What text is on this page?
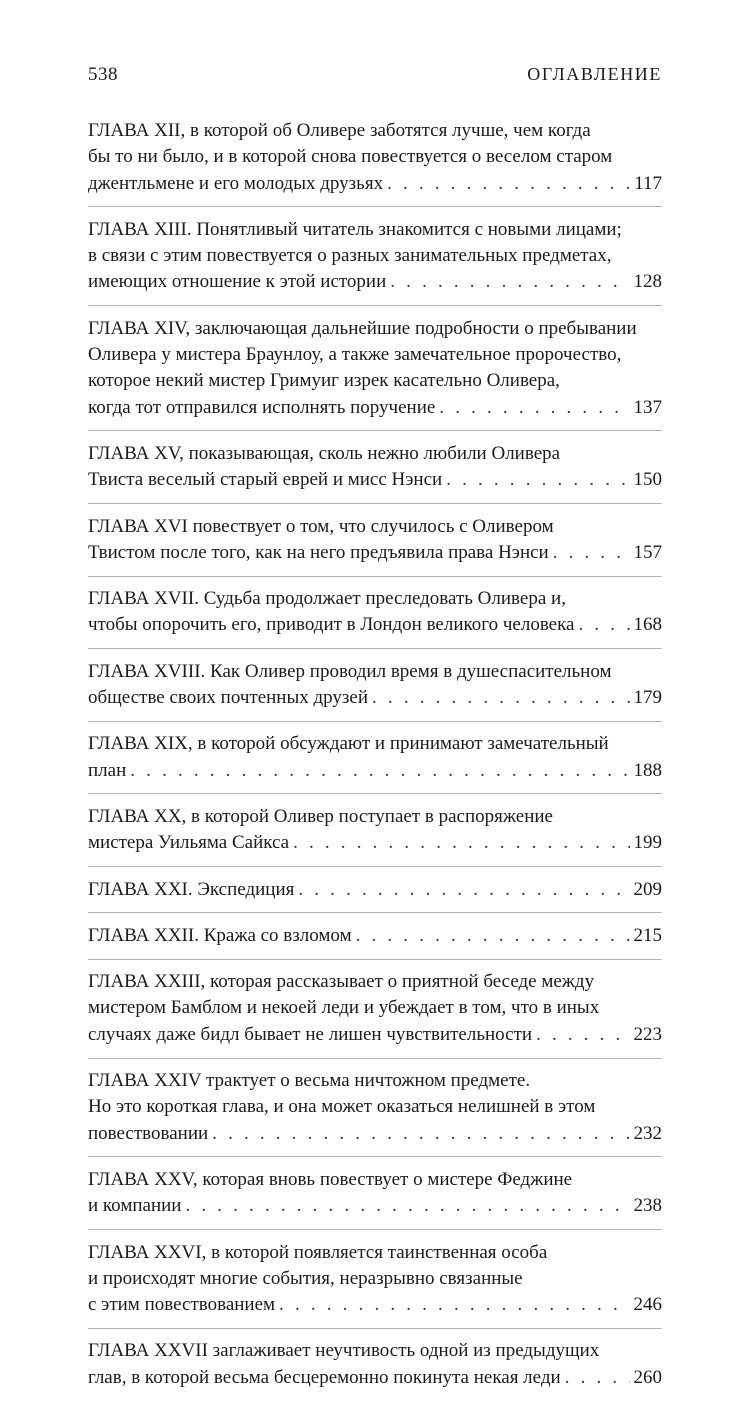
538	ОГЛАВЛЕНИЕ
ГЛАВА XII, в которой об Оливере заботятся лучше, чем когда
бы то ни было, и в которой снова повествуется о веселом старом
джентльмене и его молодых друзьях . . .	117
ГЛАВА XIII. Понятливый читатель знакомится с новыми лицами;
в связи с этим повествуется о разных занимательных предметах,
имеющих отношение к этой истории . . .	128
ГЛАВА XIV, заключающая дальнейшие подробности о пребывании
Оливера у мистера Браунлоу, а также замечательное пророчество,
которое некий мистер Гримуиг изрек касательно Оливера,
когда тот отправился исполнять поручение . . .	137
ГЛАВА XV, показывающая, сколь нежно любили Оливера
Твиста веселый старый еврей и мисс Нэнси . . .	150
ГЛАВА XVI повествует о том, что случилось с Оливером
Твистом после того, как на него предъявила права Нэнси . . .	157
ГЛАВА XVII. Судьба продолжает преследовать Оливера и,
чтобы опорочить его, приводит в Лондон великого человека . . .	168
ГЛАВА XVIII. Как Оливер проводил время в душеспасительном
обществе своих почтенных друзей . . .	179
ГЛАВА XIX, в которой обсуждают и принимают замечательный
план . . .	188
ГЛАВА XX, в которой Оливер поступает в распоряжение
мистера Уильяма Сайкса . . .	199
ГЛАВА XXI. Экспедиция . . .	209
ГЛАВА XXII. Кража со взломом . . .	215
ГЛАВА XXIII, которая рассказывает о приятной беседе между
мистером Бамблом и некоей леди и убеждает в том, что в иных
случаях даже бидл бывает не лишен чувствительности . . .	223
ГЛАВА XXIV трактует о весьма ничтожном предмете.
Но это короткая глава, и она может оказаться нелишней в этом
повествовании . . .	232
ГЛАВА XXV, которая вновь повествует о мистере Феджине
и компании . . .	238
ГЛАВА XXVI, в которой появляется таинственная особа
и происходят многие события, неразрывно связанные
с этим повествованием . . .	246
ГЛАВА XXVII заглаживает неучтивость одной из предыдущих
глав, в которой весьма бесцеремонно покинута некая леди . . .	260
